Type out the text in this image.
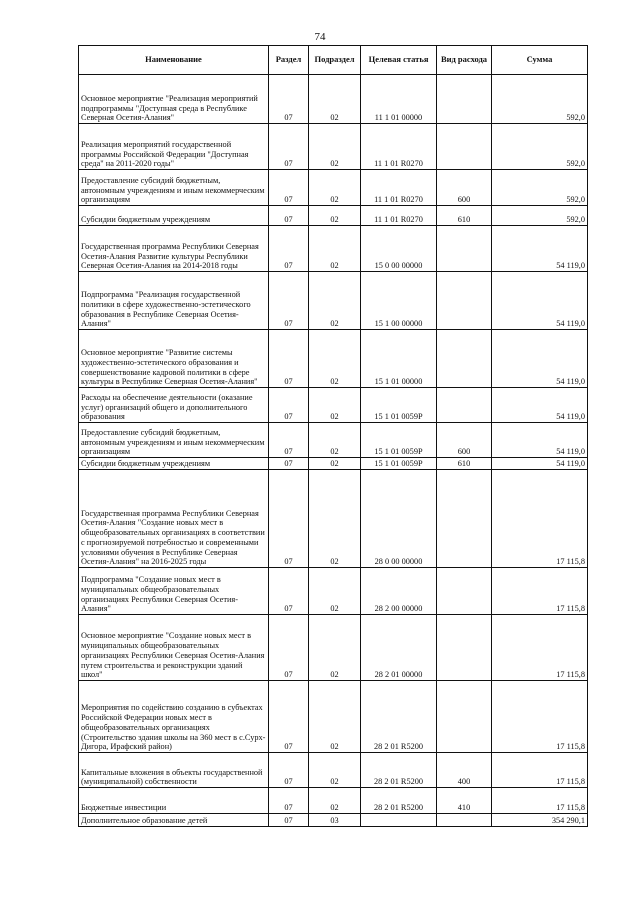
74
Наименование	Раздел	Подраздел	Целевая статья	Вид расхода	Сумма
Основное мероприятие "Реализация мероприятий подпрограммы "Доступная среда в Республике Северная Осетия-Алания"	07	02	11 1 01 00000		592,0
Реализация мероприятий государственной программы Российской Федерации "Доступная среда" на 2011-2020 годы"	07	02	11 1 01 R0270		592,0
Предоставление субсидий бюджетным, автономным учреждениям и иным некоммерческим организациям	07	02	11 1 01 R0270	600	592,0
Субсидии бюджетным учреждениям	07	02	11 1 01 R0270	610	592,0
Государственная программа Республики Северная Осетия-Алания Развитие культуры Республики Северная Осетия-Алания на 2014-2018 годы	07	02	15 0 00 00000		54 119,0
Подпрограмма "Реализация государственной политики в сфере художественно-эстетического образования в Республике Северная Осетия-Алания"	07	02	15 1 00 00000		54 119,0
Основное мероприятие "Развитие системы художественно-эстетического образования и совершенствование кадровой политики в сфере культуры в Республике Северная Осетия-Алания"	07	02	15 1 01 00000		54 119,0
Расходы на обеспечение деятельности (оказание услуг) организаций общего и дополнительного образования	07	02	15 1 01 0059Р		54 119,0
Предоставление субсидий бюджетным, автономным учреждениям и иным некоммерческим организациям	07	02	15 1 01 0059Р	600	54 119,0
Субсидии бюджетным учреждениям	07	02	15 1 01 0059Р	610	54 119,0
Государственная программа Республики Северная Осетия-Алания "Создание новых мест в общеобразовательных организациях в соответствии с прогнозируемой потребностью и современными условиями обучения в Республике Северная Осетия-Алания" на 2016-2025 годы	07	02	28 0 00 00000		17 115,8
Подпрограмма "Создание новых мест в муниципальных общеобразовательных организациях Республики Северная Осетия-Алания"	07	02	28 2 00 00000		17 115,8
Основное мероприятие "Создание новых мест в муниципальных общеобразовательных организациях Республики Северная Осетия-Алания путем строительства и реконструкции зданий школ"	07	02	28 2 01 00000		17 115,8
Мероприятия по содействию созданию в субъектах Российской Федерации новых мест в общеобразовательных организациях (Строительство здания школы на 360 мест в с.Сурх-Дигора, Ирафский район)	07	02	28 2 01 R5200		17 115,8
Капитальные вложения в объекты государственной (муниципальной) собственности	07	02	28 2 01 R5200	400	17 115,8
Бюджетные инвестиции	07	02	28 2 01 R5200	410	17 115,8
Дополнительное образование детей	07	03			354 290,1
